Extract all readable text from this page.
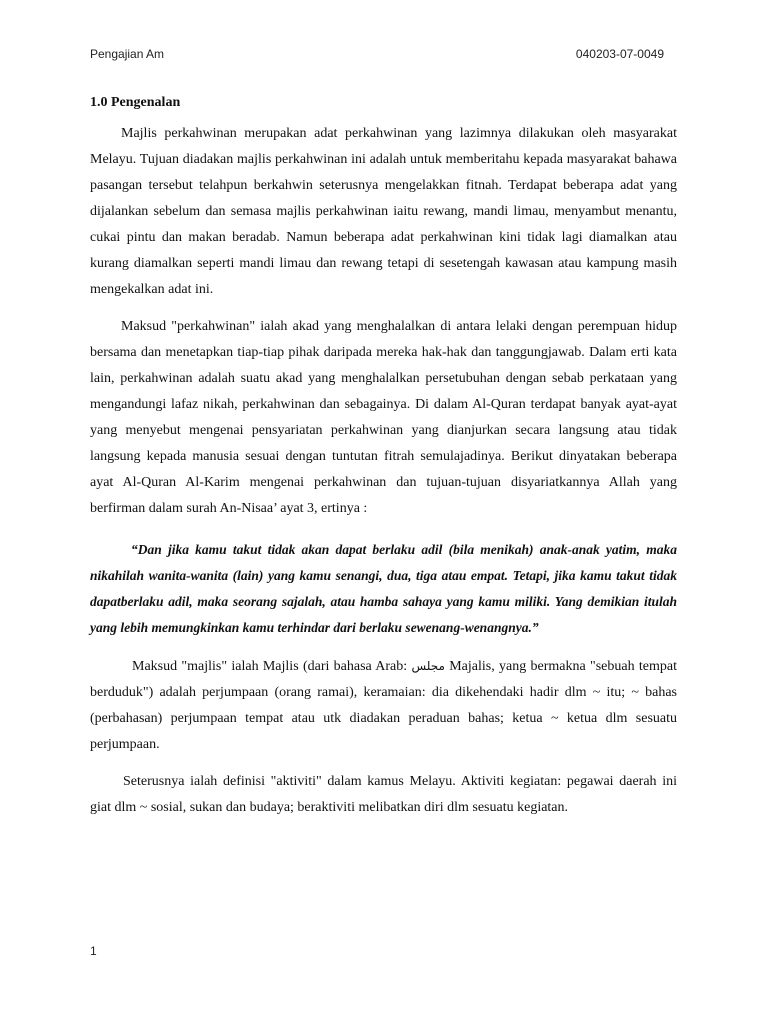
Pengajian Am	040203-07-0049
1.0 Pengenalan

Majlis perkahwinan merupakan adat perkahwinan yang lazimnya dilakukan oleh masyarakat Melayu. Tujuan diadakan majlis perkahwinan ini adalah untuk memberitahu kepada masyarakat bahawa pasangan tersebut telahpun berkahwin seterusnya mengelakkan fitnah. Terdapat beberapa adat yang dijalankan sebelum dan semasa majlis perkahwinan iaitu rewang, mandi limau, menyambut menantu, cukai pintu dan makan beradab. Namun beberapa adat perkahwinan kini tidak lagi diamalkan atau kurang diamalkan seperti mandi limau dan rewang tetapi di sesetengah kawasan atau kampung masih mengekalkan adat ini.

Maksud "perkahwinan" ialah akad yang menghalalkan di antara lelaki dengan perempuan hidup bersama dan menetapkan tiap-tiap pihak daripada mereka hak-hak dan tanggungjawab. Dalam erti kata lain, perkahwinan adalah suatu akad yang menghalalkan persetubuhan dengan sebab perkataan yang mengandungi lafaz nikah, perkahwinan dan sebagainya. Di dalam Al-Quran terdapat banyak ayat-ayat yang menyebut mengenai pensyariatan perkahwinan yang dianjurkan secara langsung atau tidak langsung kepada manusia sesuai dengan tuntutan fitrah semulajadinya. Berikut dinyatakan beberapa ayat Al-Quran Al-Karim mengenai perkahwinan dan tujuan-tujuan disyariatkannya Allah yang berfirman dalam surah An-Nisaa’ ayat 3, ertinya :

“Dan jika kamu takut tidak akan dapat berlaku adil (bila menikah) anak-anak yatim, maka nikahilah wanita-wanita (lain) yang kamu senangi, dua, tiga atau empat. Tetapi, jika kamu takut tidak dapatberlaku adil, maka seorang sajalah, atau hamba sahaya yang kamu miliki. Yang demikian itulah yang lebih memungkinkan kamu terhindar dari berlaku sewenang-wenangnya.”

Maksud "majlis" ialah Majlis (dari bahasa Arab: مجلس Majalis, yang bermakna "sebuah tempat berduduk") adalah perjumpaan (orang ramai), keramaian: dia dikehendaki hadir dlm ~ itu; ~ bahas (perbahasan) perjumpaan tempat atau utk diadakan peraduan bahas; ketua ~ ketua dlm sesuatu perjumpaan.

Seterusnya ialah definisi "aktiviti" dalam kamus Melayu. Aktiviti kegiatan: pegawai daerah ini giat dlm ~ sosial, sukan dan budaya; beraktiviti melibatkan diri dlm sesuatu kegiatan.

1
